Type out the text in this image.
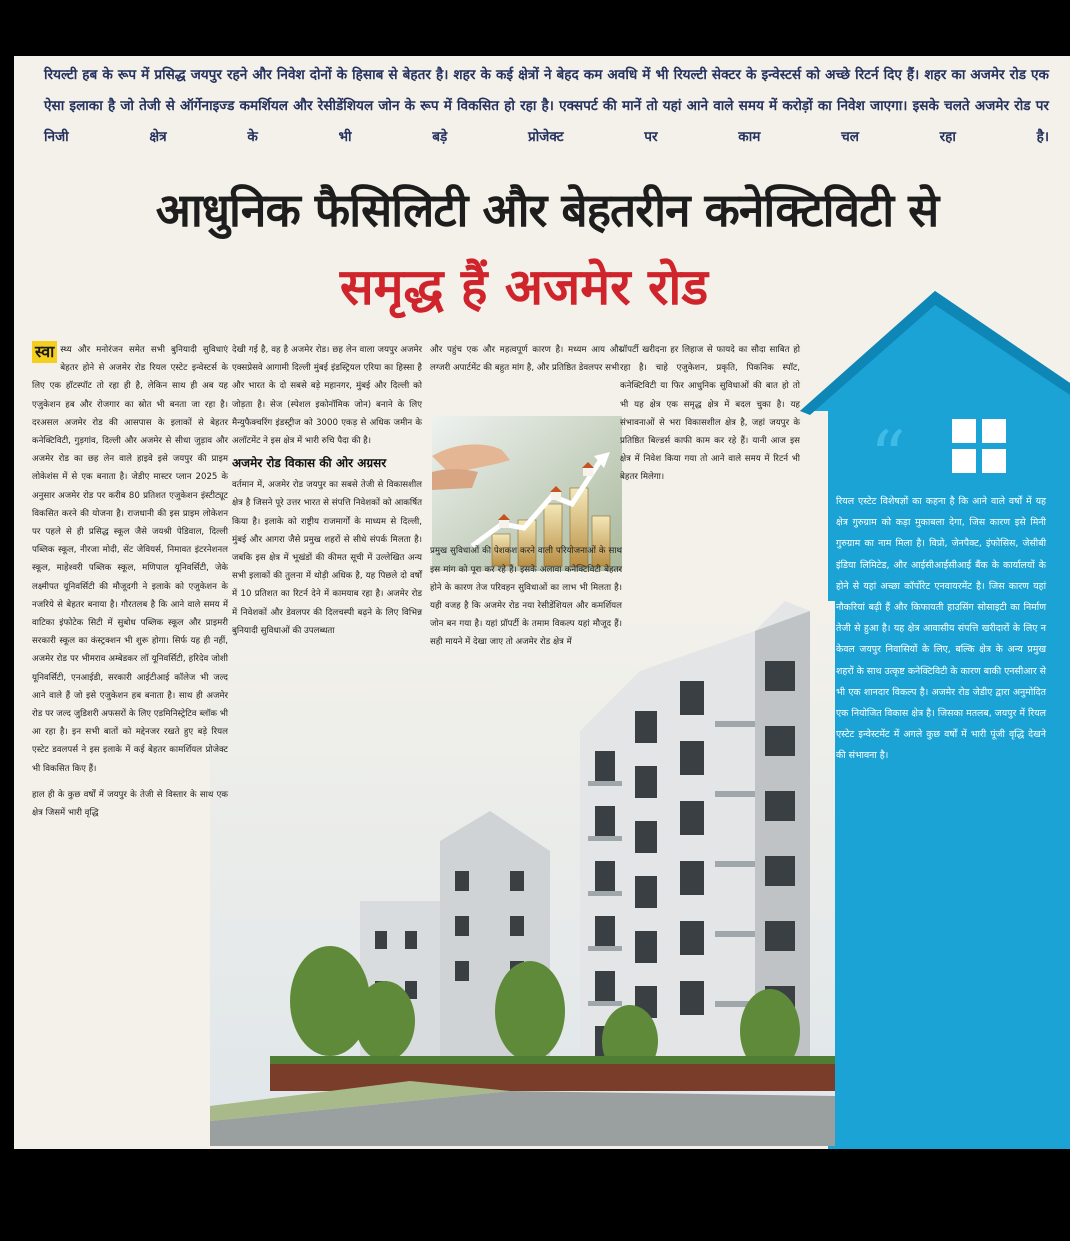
रियल्टी हब के रूप में प्रसिद्ध जयपुर रहने और निवेश दोनों के हिसाब से बेहतर है। शहर के कई क्षेत्रों ने बेहद कम अवधि में भी रियल्टी सेक्टर के इन्वेस्टर्स को अच्छे रिटर्न दिए हैं। शहर का अजमेर रोड एक ऐसा इलाका है जो तेजी से ऑर्गेनाइज्ड कमर्शियल और रेसीडेंशियल जोन के रूप में विकसित हो रहा है। एक्सपर्ट की मानें तो यहां आने वाले समय में करोड़ों का निवेश जाएगा। इसके चलते अजमेर रोड पर निजी क्षेत्र के भी बड़े प्रोजेक्ट पर काम चल रहा है।
आधुनिक फैसिलिटी और बेहतरीन कनेक्टिविटी से
समृद्ध हैं अजमेर रोड
“
स्वा स्थ्य और मनोरंजन समेत सभी बुनियादी सुविधाएं बेहतर होने से अजमेर रोड रियल एस्टेट इन्वेस्टर्स के लिए एक हॉटस्पॉट तो रहा ही है, लेकिन साथ ही अब यह एजुकेशन हब और रोजगार का स्रोत भी बनता जा रहा है। दरअसल अजमेर रोड की आसपास के इलाकों से बेहतर कनेक्टिविटी, गुड़गांव, दिल्ली और अजमेर से सीधा जुड़ाव और अजमेर रोड का छह लेन वाले हाइवे इसे जयपुर की प्राइम लोकेशंस में से एक बनाता है। जेडीए मास्टर प्लान 2025 के अनुसार अजमेर रोड पर करीब 80 प्रतिशत एजुकेशन इंस्टीट्यूट विकसित करने की योजना है। राजधानी की इस प्राइम लोकेशन पर पहले से ही प्रसिद्ध स्कूल जैसे जयश्री पेडिवाल, दिल्ली पब्लिक स्कूल, नीरजा मोदी, सेंट जेवियर्स, निमावत इंटरनेशनल स्कूल, माहेश्वरी पब्लिक स्कूल, मणिपाल यूनिवर्सिटी, जेके लक्ष्मीपत यूनिवर्सिटी की मौजूदगी ने इलाके को एजुकेशन के नजरिये से बेहतर बनाया है। गौरतलब है कि आने वाले समय में वाटिका इंफोटेक सिटी में सुबोध पब्लिक स्कूल और प्राइमरी सरकारी स्कूल का कंस्ट्रक्शन भी शुरू होगा। सिर्फ यह ही नहीं, अजमेर रोड पर भीमराव अम्बेडकर लॉ यूनिवर्सिटी, हरिदेव जोशी यूनिवर्सिटी, एनआईडी, सरकारी आईटीआई कॉलेज भी जल्द आने वाले हैं जो इसे एजुकेशन हब बनाता है। साथ ही अजमेर रोड पर जल्द जुडिशरी अफसरों के लिए एडमिनिस्ट्रेटिव ब्लॉक भी आ रहा है। इन सभी बातों को मद्देनजर रखते हुए बड़े रियल एस्टेट डवलपर्स ने इस इलाके में कई बेहतर कामर्शियल प्रोजेक्ट भी विकसित किए हैं।
हाल ही के कुछ वर्षों में जयपुर के तेजी से विस्तार के साथ एक क्षेत्र जिसमें भारी वृद्धि
देखी गई है, वह है अजमेर रोड। छह लेन वाला जयपुर अजमेर एक्सप्रेसवे आगामी दिल्ली मुंबई इंडस्ट्रियल एरिया का हिस्सा है और भारत के दो सबसे बड़े महानगर, मुंबई और दिल्ली को जोड़ता है। सेज (स्पेशल इकोनॉमिक जोन) बनाने के लिए मैन्युफैक्चरिंग इंडस्ट्रीज को 3000 एकड़ से अधिक जमीन के अलॉटमेंट ने इस क्षेत्र में भारी रुचि पैदा की है।
अजमेर रोड विकास की ओर अग्रसर
वर्तमान में, अजमेर रोड जयपुर का सबसे तेजी से विकासशील क्षेत्र है जिसने पूरे उत्तर भारत से संपत्ति निवेशकों को आकर्षित किया है। इलाके को राष्ट्रीय राजमार्गों के माध्यम से दिल्ली, मुंबई और आगरा जैसे प्रमुख शहरों से सीधे संपर्क मिलता है। जबकि इस क्षेत्र में भूखंडों की कीमत सूची में उल्लेखित अन्य सभी इलाकों की तुलना में थोड़ी अधिक है, यह पिछले दो वर्षों में 10 प्रतिशत का रिटर्न देने में कामयाब रहा है। अजमेर रोड में निवेशकों और डेवलपर की दिलचस्पी बढ़ने के लिए विभिन्न बुनियादी सुविधाओं की उपलब्धता
और पहुंच एक और महत्वपूर्ण कारण है। मध्यम आय और लग्जरी अपार्टमेंट की बहुत मांग है, और प्रतिष्ठित डेवलपर सभी
प्रमुख सुविधाओं की पेशकश करने वाली परियोजनाओं के साथ इस मांग को पूरा कर रहे हैं। इसके अलावा कनेक्टिविटी बेहतर होने के कारण तेज परिवहन सुविधाओं का लाभ भी मिलता है। यही वजह है कि अजमेर रोड नया रेसीडेंशियल और कमर्शियल जोन बन गया है। यहां प्रॉपर्टी के तमाम विकल्प यहां मौजूद हैं। सही मायने में देखा जाए तो अजमेर रोड क्षेत्र में
प्रॉपर्टी खरीदना हर लिहाज से फायदे का सौदा साबित हो रहा है। चाहे एजुकेशन, प्रकृति, पिकनिक स्पॉट, कनेक्टिविटी या फिर आधुनिक सुविधाओं की बात हो तो भी यह क्षेत्र एक समृद्ध क्षेत्र में बदल चुका है। यह संभावनाओं से भरा विकासशील क्षेत्र है, जहां जयपुर के प्रतिष्ठित बिल्डर्स काफी काम कर रहे हैं। यानी आज इस क्षेत्र में निवेश किया गया तो आने वाले समय में रिटर्न भी बेहतर मिलेगा।
रियल एस्टेट विशेषज्ञों का कहना है कि आने वाले वर्षों में यह क्षेत्र गुरुग्राम को कड़ा मुकाबला देगा, जिस कारण इसे मिनी गुरुग्राम का नाम मिला है। विप्रो, जेनपैक्ट, इंफोसिस, जेसीबी इंडिया लिमिटेड, और आईसीआईसीआई बैंक के कार्यालयों के होने से यहां अच्छा कॉर्पोरेट एनवायरमेंट है। जिस कारण यहां नौकरियां बढ़ी हैं और किफायती हाउसिंग सोसाइटी का निर्माण तेजी से हुआ है। यह क्षेत्र आवासीय संपत्ति खरीदारों के लिए न केवल जयपुर निवासियों के लिए, बल्कि क्षेत्र के अन्य प्रमुख शहरों के साथ उत्कृष्ट कनेक्टिविटी के कारण बाकी एनसीआर से भी एक शानदार विकल्प है। अजमेर रोड जेडीए द्वारा अनुमोदित एक नियोजित विकास क्षेत्र है। जिसका मतलब, जयपुर में रियल एस्टेट इन्वेस्टमेंट में अगले कुछ वर्षों में भारी पूंजी वृद्धि देखने की संभावना है।
